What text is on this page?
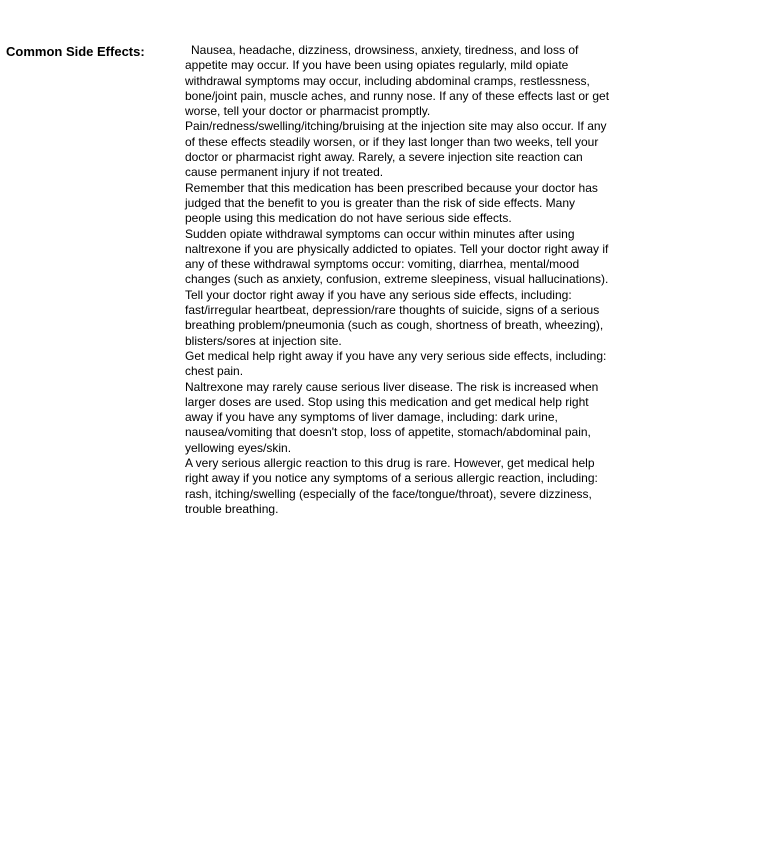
Common Side Effects:	Nausea, headache, dizziness, drowsiness, anxiety, tiredness, and loss of appetite may occur. If you have been using opiates regularly, mild opiate withdrawal symptoms may occur, including abdominal cramps, restlessness, bone/joint pain, muscle aches, and runny nose. If any of these effects last or get worse, tell your doctor or pharmacist promptly.

Pain/redness/swelling/itching/bruising at the injection site may also occur. If any of these effects steadily worsen, or if they last longer than two weeks, tell your doctor or pharmacist right away. Rarely, a severe injection site reaction can cause permanent injury if not treated.

Remember that this medication has been prescribed because your doctor has judged that the benefit to you is greater than the risk of side effects. Many people using this medication do not have serious side effects.

Sudden opiate withdrawal symptoms can occur within minutes after using naltrexone if you are physically addicted to opiates. Tell your doctor right away if any of these withdrawal symptoms occur: vomiting, diarrhea, mental/mood changes (such as anxiety, confusion, extreme sleepiness, visual hallucinations).

Tell your doctor right away if you have any serious side effects, including: fast/irregular heartbeat, depression/rare thoughts of suicide, signs of a serious breathing problem/pneumonia (such as cough, shortness of breath, wheezing), blisters/sores at injection site.

Get medical help right away if you have any very serious side effects, including: chest pain.

Naltrexone may rarely cause serious liver disease. The risk is increased when larger doses are used. Stop using this medication and get medical help right away if you have any symptoms of liver damage, including: dark urine, nausea/vomiting that doesn't stop, loss of appetite, stomach/abdominal pain, yellowing eyes/skin.

A very serious allergic reaction to this drug is rare. However, get medical help right away if you notice any symptoms of a serious allergic reaction, including: rash, itching/swelling (especially of the face/tongue/throat), severe dizziness, trouble breathing.
